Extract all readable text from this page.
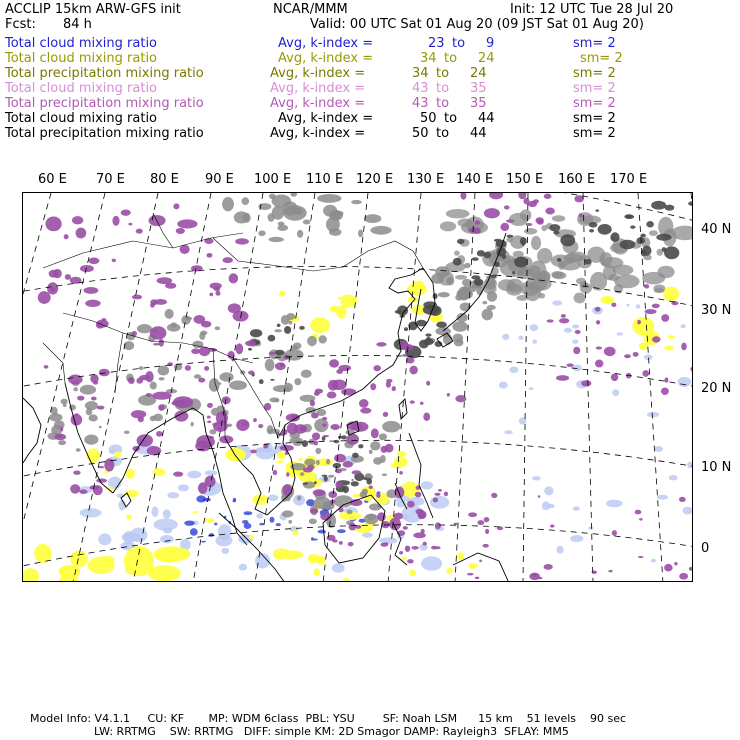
ACCLIP 15km ARW-GFS init	NCAR/MMM	Init: 12 UTC Tue 28 Jul 20
Fcst: 84 h	Valid: 00 UTC Sat 01 Aug 20 (09 JST Sat 01 Aug 20)
Total cloud mixing ratio	Avg, k-index =	23 to 9	sm= 2
Total cloud mixing ratio	Avg, k-index =	34 to 24	sm= 2
Total precipitation mixing ratio	Avg, k-index =	34 to 24	sm= 2
Total cloud mixing ratio	Avg, k-index =	43 to 35	sm= 2
Total precipitation mixing ratio	Avg, k-index =	43 to 35	sm= 2
Total cloud mixing ratio	Avg, k-index =	50 to 44	sm= 2
Total precipitation mixing ratio	Avg, k-index =	50 to 44	sm= 2
60 E 70 E 80 E 90 E 100 E 110 E 120 E 130 E 140 E 150 E 160 E 170 E
40 N
30 N
20 N
10 N
0
Model Info: V4.1.1     CU: KF       MP: WDM 6class  PBL: YSU        SF: Noah LSM      15 km    51 levels    90 sec
LW: RRTMG    SW: RRTMG   DIFF: simple KM: 2D Smagor DAMP: Rayleigh3  SFLAY: MM5
